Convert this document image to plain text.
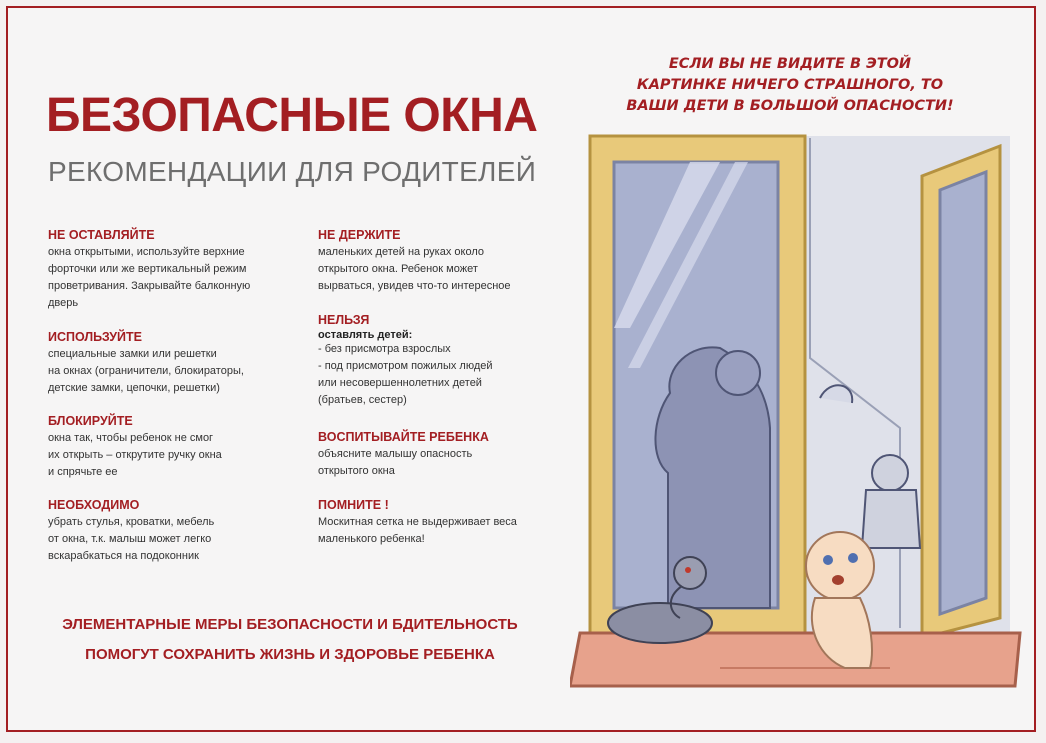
БЕЗОПАСНЫЕ ОКНА
РЕКОМЕНДАЦИИ ДЛЯ РОДИТЕЛЕЙ
НЕ ОСТАВЛЯЙТЕ

окна открытыми, используйте верхние
форточки или же вертикальный режим
проветривания. Закрывайте балконную
дверь

ИСПОЛЬЗУЙТЕ

специальные замки или решетки
на окнах (ограничители, блокираторы,
детские замки, цепочки, решетки)

БЛОКИРУЙТЕ

окна так, чтобы ребенок не смог
их открыть – открутите ручку окна
и спрячьте ее

НЕОБХОДИМО

убрать стулья, кроватки, мебель
от окна, т.к. малыш может легко
вскарабкаться на подоконник

НЕ ДЕРЖИТЕ

маленьких детей на руках около
открытого окна. Ребенок может
вырваться, увидев что-то интересное

НЕЛЬЗЯ
оставлять детей:

- без присмотра взрослых
- под присмотром пожилых людей
или несовершеннолетних детей
(братьев, сестер)

ВОСПИТЫВАЙТЕ РЕБЕНКА

объясните малышу опасность
открытого окна

ПОМНИТЕ !

Москитная сетка не выдерживает веса
маленького ребенка!

ЭЛЕМЕНТАРНЫЕ МЕРЫ БЕЗОПАСНОСТИ И БДИТЕЛЬНОСТЬ
ПОМОГУТ СОХРАНИТЬ ЖИЗНЬ И ЗДОРОВЬЕ РЕБЕНКА
ЕСЛИ ВЫ НЕ ВИДИТЕ В ЭТОЙ
КАРТИНКЕ НИЧЕГО СТРАШНОГО, ТО
ВАШИ ДЕТИ В БОЛЬШОЙ ОПАСНОСТИ!
